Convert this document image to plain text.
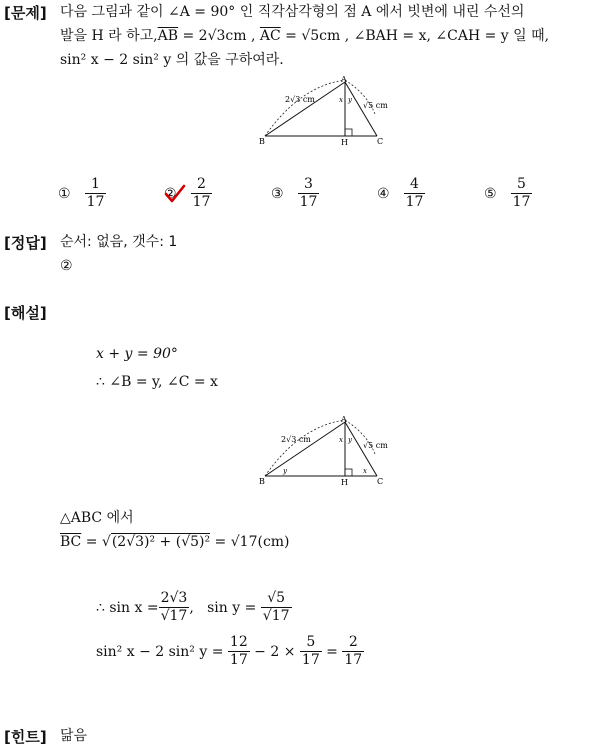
[문제]
[정답]
[해설]
[힌트]
다음 그림과 같이 ∠A = 90° 인 직각삼각형의 점 A 에서 빗변에 내린 수선의
발을 H 라 하고$,\overline{AB} = 2√3cm$ , $\overline{AC} = √5cm$ , ∠BAH = x, ∠CAH = y 일 때,
sin² x − 2 sin² y 의 값을 구하여라.
A
B	C
H
x y
2√3 cm
√5 cm
① $\frac{1}{17}$	② $\frac{2}{17}$	③ $\frac{3}{17}$	④ $\frac{4}{17}$	⑤ $\frac{5}{17}$
순서: 없음, 갯수: 1
②
x + y = 90°
∴ ∠B = y, ∠C = x
A
B	C
H
x y
y	x
2√3 cm
√5 cm
△ABC 에서
$\overline{BC} = √(2√3)^2 + (√5)^2 = √17(cm)$
∴ $\sin x = \frac{2√3}{√17}$ ,   $\sin y = \frac{√5}{√17}$
sin² x − 2 sin² $y = \frac{12}{17} - 2 \times \frac{5}{17} = \frac{2}{17}$
닮음
